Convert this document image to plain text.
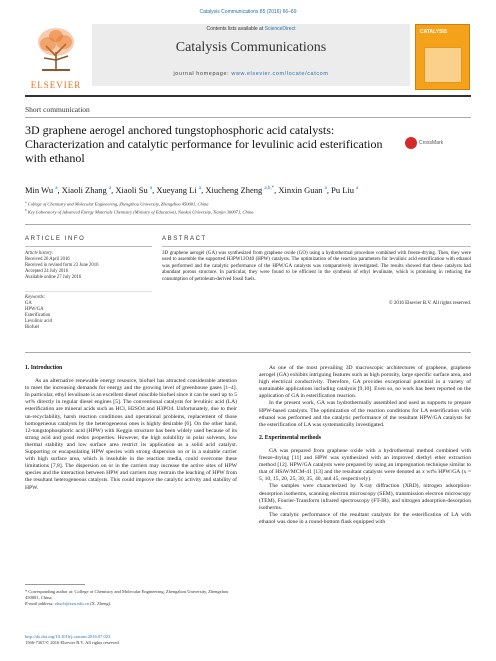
Catalysis Communications 85 (2016) 66–69
ELSEVIER
Contents lists available at ScienceDirect
Catalysis Communications
journal homepage: www.elsevier.com/locate/catcom
CATALYSIS
Short communication
3D graphene aerogel anchored tungstophosphoric acid catalysts: Characterization and catalytic performance for levulinic acid esterification with ethanol
CrossMark
Min Wu $^a$, Xiaoli Zhang $^a$, Xiaoli Su $^a$, Xueyang Li $^a$, Xiucheng Zheng $^{a,b,*}$, Xinxin Guan $^a$, Pu Liu $^a$
$^a$ College of Chemistry and Molecular Engineering, Zhengzhou University, Zhengzhou 450001, China
$^b$ Key Laboratory of Advanced Energy Materials Chemistry (Ministry of Education), Nankai University, Tianjin 300071, China
ARTICLE INFO	ABSTRACT
Article history:
Received 26 April 2016
Received in revised form 23 June 2016
Accepted 24 July 2016
Available online 27 July 2016
Keywords:
GA
HPW/GA
Esterification
Levulinic acid
Biofuel
3D graphene aerogel (GA) was synthesized from graphene oxide (GO) using a hydrothermal procedure combined with freeze-drying. Then, they were used to assemble the supported H3PW12O40 (HPW) catalysts. The optimization of the reaction parameters for levulinic acid esterification with ethanol was performed and the catalytic performance of the HPW/GA catalysts was comparatively investigated. The results showed that these catalysts had abundant porous structure. In particular, they were found to be efficient in the synthesis of ethyl levulinate, which is promising in reducing the consumption of petroleum-derived fossil fuels.
© 2016 Elsevier B.V. All rights reserved.
1. Introduction

As an alternative renewable energy resource, biofuel has attracted considerable attention to meet the increasing demands for energy and the growing level of greenhouse gases [1–4]. In particular, ethyl levulinate is an excellent diesel miscible biofuel since it can be used up to 5 wt% directly in regular diesel engines [5]. The conventional catalysts for levulinic acid (LA) esterification are mineral acids such as HCl, H2SO4 and H3PO4. Unfortunately, due to their un-recyclability, harsh reaction conditions and operational problems, replacement of those homogeneous catalysts by the heterogeneous ones is highly desirable [6]. On the other hand, 12-tungstophosphoric acid (HPW) with Keggin structure has been widely used because of its strong acid and good redox properties. However, the high solubility in polar solvents, low thermal stability and low surface area restrict its application as a solid acid catalyst. Supporting or encapsulating HPW species with strong dispersion on or in a suitable carrier with high surface area, which is insoluble in the reaction media, could overcome these limitations [7,8]. The dispersion on or in the carriers may increase the active sites of HPW species and the interaction between HPW and carriers may restrain the leaching of HPW from the resultant heterogeneous catalysts. This could improve the catalytic activity and stability of HPW.

As one of the most prevailing 3D macroscopic architectures of graphene, graphene aerogel (GA) exhibits intriguing features such as high porosity, large specific surface area, and high electrical conductivity. Therefore, GA provides exceptional potential in a variety of sustainable applications including catalysis [9,10]. Even so, no work has been reported on the application of GA in esterification reaction.

In the present work, GA was hydrothermally assembled and used as supports to prepare HPW-based catalysts. The optimization of the reaction conditions for LA esterification with ethanol was performed and the catalytic performance of the resultant HPW/GA catalysts for the esterification of LA was systematically investigated.

2. Experimental methods

GA was prepared from graphene oxide with a hydrothermal method combined with freeze-drying [11] and HPW was synthesized with an improved diethyl ether extraction method [12]. HPW/GA catalysts were prepared by using an impregnation technique similar to that of HSiW/MCM-41 [13] and the resultant catalysts were denoted as x wt% HPW/GA (x = 5, 10, 15, 20, 25, 30, 35, 40, and 45, respectively).

The samples were characterized by X-ray diffraction (XRD), nitrogen adsorption-desorption isotherms, scanning electron microscopy (SEM), transmission electron microscopy (TEM), Fourier-Transform infrared spectroscopy (FT-IR), and nitrogen adsorption-desorption isotherms.

The catalytic performance of the resultant catalysts for the esterification of LA with ethanol was done in a round-bottom flask equipped with

* Corresponding author at: College of Chemistry and Molecular Engineering, Zhengzhou University, Zhengzhou 450001, China.
E-mail address: zhxch@zzu.edu.cn (X. Zheng).
http://dx.doi.org/10.1016/j.catcom.2016.07.023
1566-7367/© 2016 Elsevier B.V. All rights reserved.
